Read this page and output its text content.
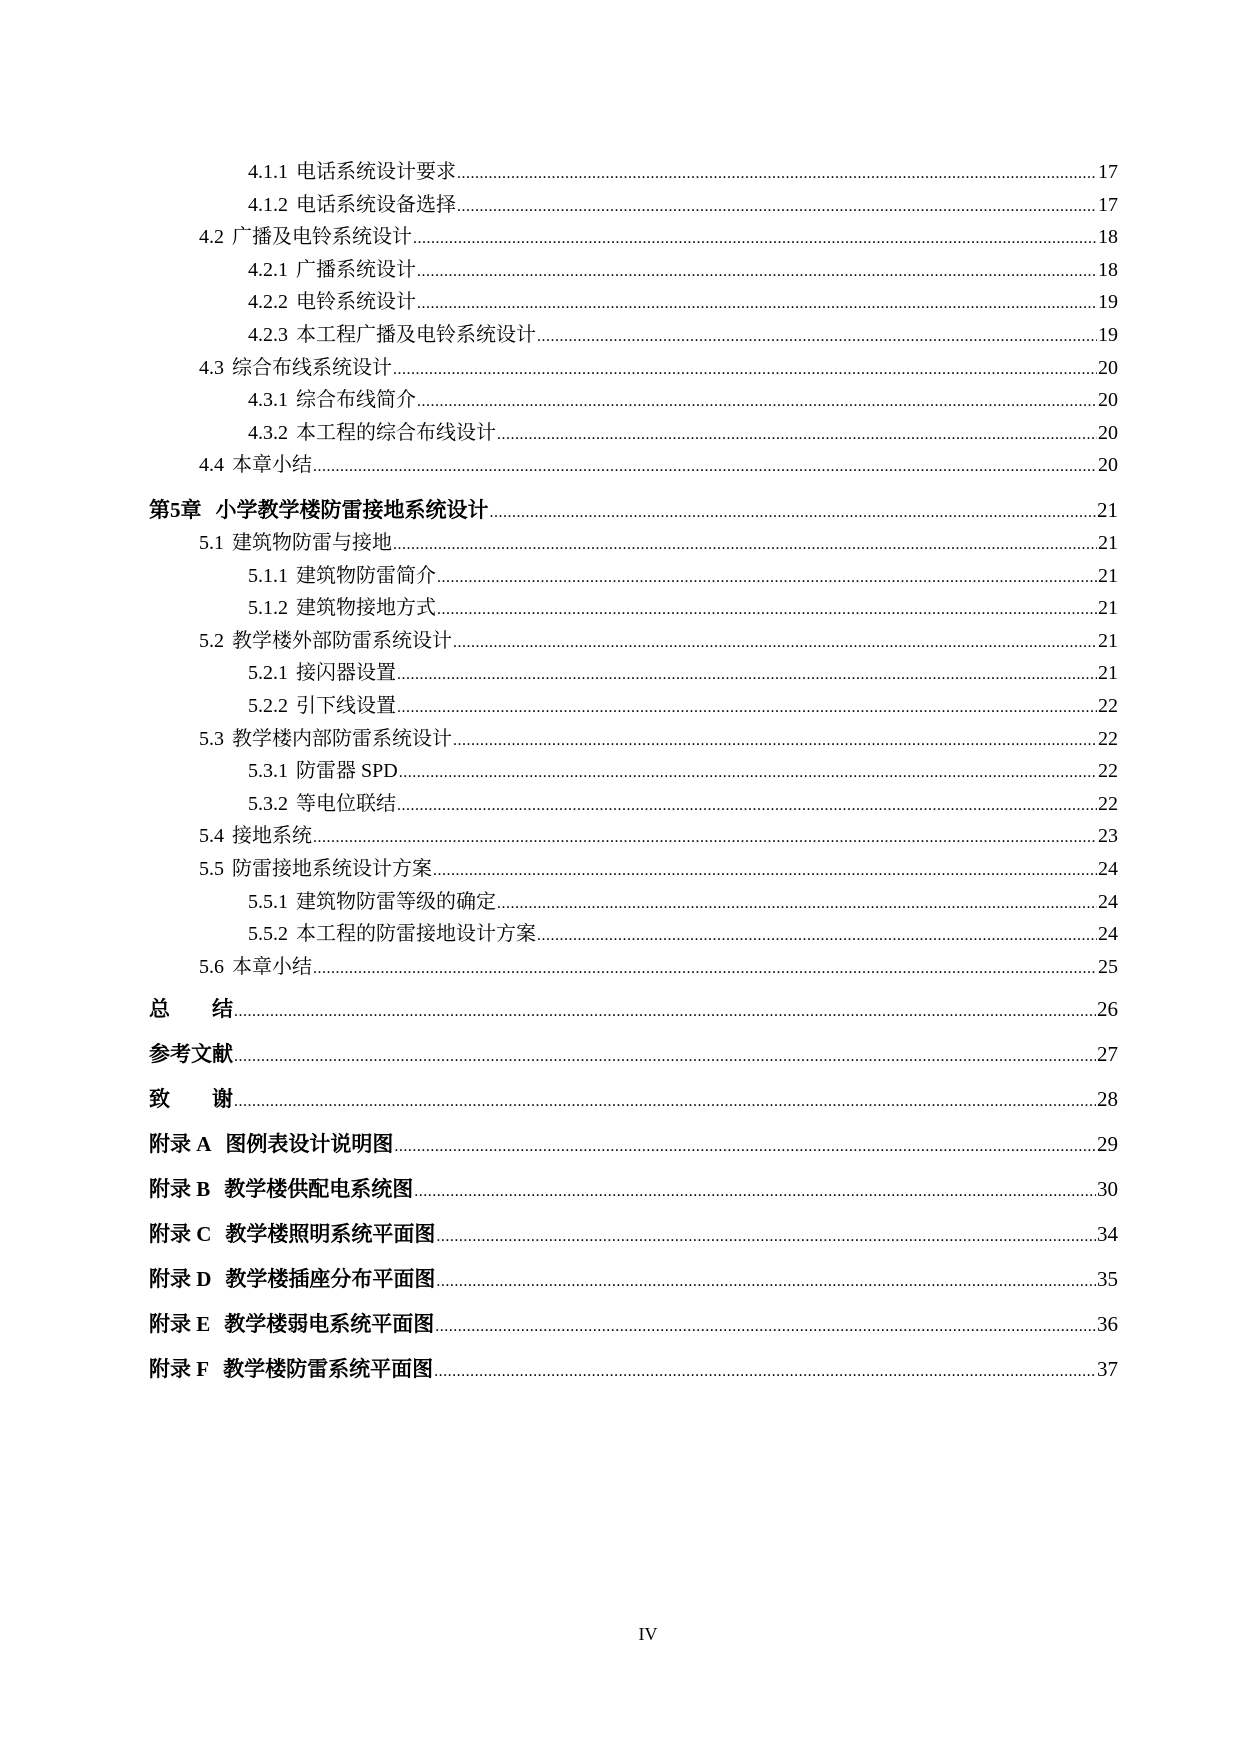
4.1.1 电话系统设计要求 .....	17
4.1.2 电话系统设备选择 .....	17
4.2 广播及电铃系统设计 .....	18
4.2.1 广播系统设计 .....	18
4.2.2 电铃系统设计 .....	19
4.2.3 本工程广播及电铃系统设计 .....	19
4.3 综合布线系统设计 .....	20
4.3.1 综合布线简介 .....	20
4.3.2 本工程的综合布线设计 .....	20
4.4 本章小结 .....	20
第5章 小学教学楼防雷接地系统设计 .....	21
5.1 建筑物防雷与接地 .....	21
5.1.1 建筑物防雷简介 .....	21
5.1.2 建筑物接地方式 .....	21
5.2 教学楼外部防雷系统设计 .....	21
5.2.1 接闪器设置 .....	21
5.2.2 引下线设置 .....	22
5.3 教学楼内部防雷系统设计 .....	22
5.3.1 防雷器 SPD .....	22
5.3.2 等电位联结 .....	22
5.4 接地系统 .....	23
5.5 防雷接地系统设计方案 .....	24
5.5.1 建筑物防雷等级的确定 .....	24
5.5.2 本工程的防雷接地设计方案 .....	24
5.6 本章小结 .....	25
总　　结 .....	26
参考文献 .....	27
致　　谢 .....	28
附录 A 图例表设计说明图 .....	29
附录 B 教学楼供配电系统图 .....	30
附录 C 教学楼照明系统平面图 .....	34
附录 D 教学楼插座分布平面图 .....	35
附录 E 教学楼弱电系统平面图 .....	36
附录 F 教学楼防雷系统平面图 .....	37
IV
